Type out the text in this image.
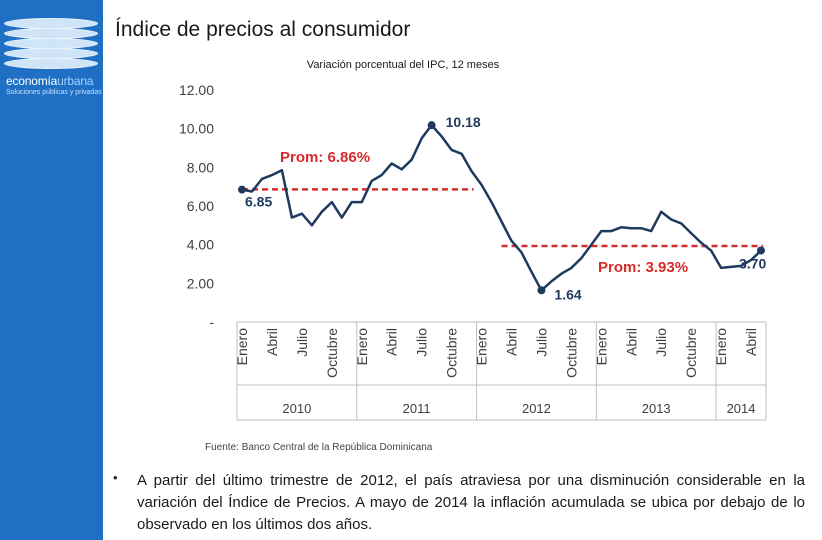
economíaurbana
Soluciones públicas y privadas
Índice de precios al consumidor
Variación porcentual del IPC, 12 meses
-
2.00
4.00
6.00
8.00
10.00
12.00
2010	2011	2012	2013	2014
Enero Abril Julio Octubre Enero Abril Julio Octubre Enero Abril Julio Octubre Enero Abril Julio Octubre Enero Abril
Prom: 6.86%
Prom: 3.93%
6.85
10.18
1.64
3.70
Fuente: Banco Central de la República Dominicana
• A partir del último trimestre de 2012, el país atraviesa por una disminución considerable en la variación del Índice de Precios. A mayo de 2014 la inflación acumulada se ubica por debajo de lo observado en los últimos dos años.
